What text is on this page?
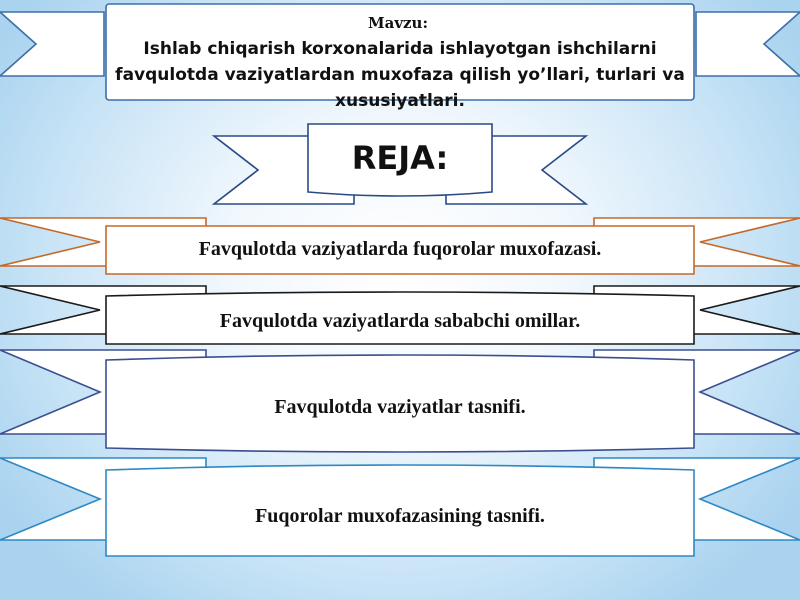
Mavzu:
Ishlab chiqarish korxonalarida ishlayotgan ishchilarni favqulotda vaziyatlardan muxofaza qilish yo’llari, turlari va xususiyatlari.
REJA:
Favqulotda vaziyatlarda fuqorolar muxofazasi.
Favqulotda vaziyatlarda sababchi omillar.
Favqulotda vaziyatlar tasnifi.
Fuqorolar muxofazasining tasnifi.
